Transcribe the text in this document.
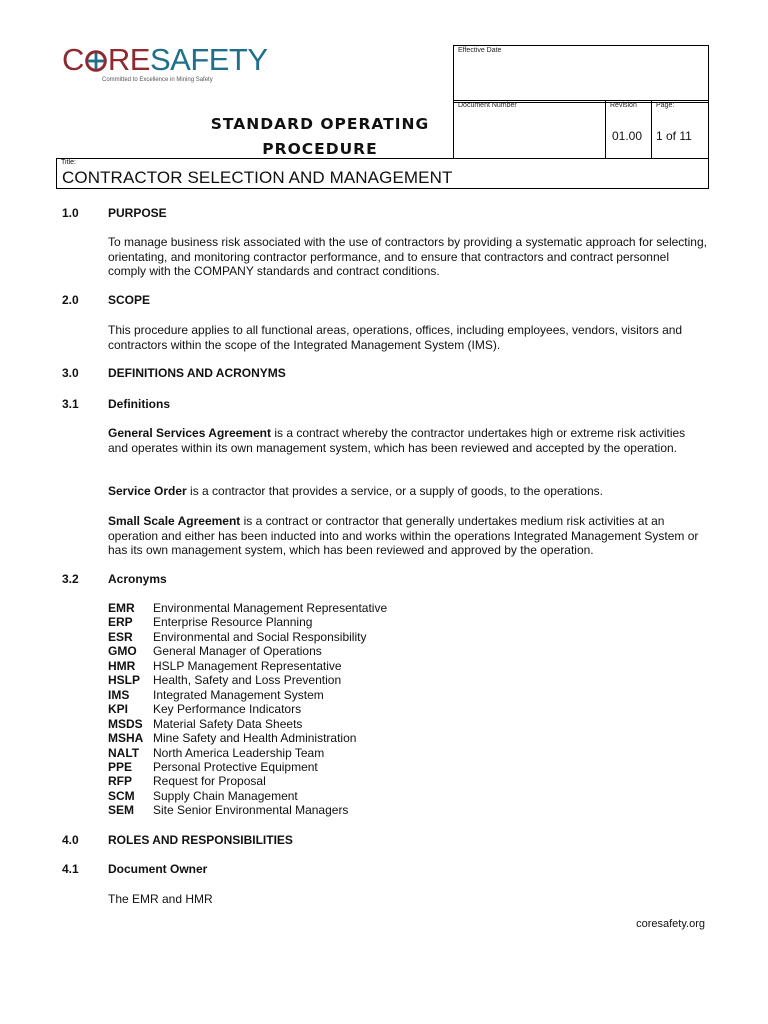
C RESAFETY
Committed to Excellence in Mining Safety
Effective Date
Document Number	Revision
01.00
Page:
1 of 11
STANDARD OPERATING
PROCEDURE
Title:
CONTRACTOR SELECTION AND MANAGEMENT
1.0 PURPOSE
To manage business risk associated with the use of contractors by providing a systematic approach for selecting, orientating, and monitoring contractor performance, and to ensure that contractors and contract personnel comply with the COMPANY standards and contract conditions.
2.0 SCOPE
This procedure applies to all functional areas, operations, offices, including employees, vendors, visitors and contractors within the scope of the Integrated Management System (IMS).
3.0 DEFINITIONS AND ACRONYMS
3.1 Definitions
General Services Agreement is a contract whereby the contractor undertakes high or extreme risk activities and operates within its own management system, which has been reviewed and accepted by the operation.
Service Order is a contractor that provides a service, or a supply of goods, to the operations.
Small Scale Agreement is a contract or contractor that generally undertakes medium risk activities at an operation and either has been inducted into and works within the operations Integrated Management System or has its own management system, which has been reviewed and approved by the operation.
3.2 Acronyms
EMR	Environmental Management Representative
ERP	Enterprise Resource Planning
ESR	Environmental and Social Responsibility
GMO	General Manager of Operations
HMR	HSLP Management Representative
HSLP	Health, Safety and Loss Prevention
IMS	Integrated Management System
KPI	Key Performance Indicators
MSDS Material Safety Data Sheets
MSHA Mine Safety and Health Administration
NALT	North America Leadership Team
PPE	Personal Protective Equipment
RFP	Request for Proposal
SCM	Supply Chain Management
SEM	Site Senior Environmental Managers
4.0 ROLES AND RESPONSIBILITIES
4.1 Document Owner
The EMR and HMR
coresafety.org
